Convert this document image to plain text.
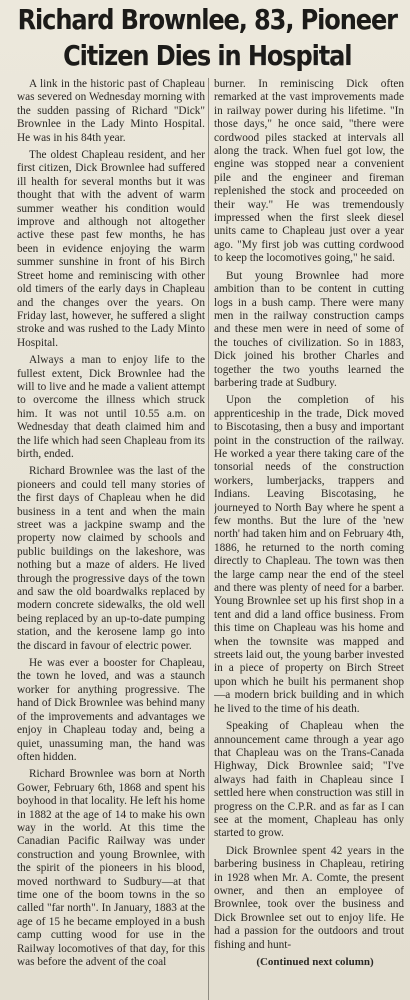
Richard Brownlee, 83, Pioneer Citizen Dies in Hospital

A link in the historic past of Chapleau was severed on Wednesday morning with the sudden passing of Richard "Dick" Brownlee in the Lady Minto Hospital. He was in his 84th year.

The oldest Chapleau resident, and her first citizen, Dick Brownlee had suffered ill health for several months but it was thought that with the advent of warm summer weather his condition would improve and although not altogether active these past few months, he has been in evidence enjoying the warm summer sunshine in front of his Birch Street home and reminiscing with other old timers of the early days in Chapleau and the changes over the years. On Friday last, however, he suffered a slight stroke and was rushed to the Lady Minto Hospital.

Always a man to enjoy life to the fullest extent, Dick Brownlee had the will to live and he made a valient attempt to overcome the illness which struck him. It was not until 10.55 a.m. on Wednesday that death claimed him and the life which had seen Chapleau from its birth, ended.

Richard Brownlee was the last of the pioneers and could tell many stories of the first days of Chapleau when he did business in a tent and when the main street was a jackpine swamp and the property now claimed by schools and public buildings on the lakeshore, was nothing but a maze of alders. He lived through the progressive days of the town and saw the old boardwalks replaced by modern concrete sidewalks, the old well being replaced by an up-to-date pumping station, and the kerosene lamp go into the discard in favour of electric power.

He was ever a booster for Chapleau, the town he loved, and was a staunch worker for anything progressive. The hand of Dick Brownlee was behind many of the improvements and advantages we enjoy in Chapleau today and, being a quiet, unassuming man, the hand was often hidden.

Richard Brownlee was born at North Gower, February 6th, 1868 and spent his boyhood in that locality. He left his home in 1882 at the age of 14 to make his own way in the world. At this time the Canadian Pacific Railway was under construction and young Brownlee, with the spirit of the pioneers in his blood, moved northward to Sudbury—at that time one of the boom towns in the so called "far north". In January, 1883 at the age of 15 he became employed in a bush camp cutting wood for use in the Railway locomotives of that day, for this was before the advent of the coal

burner. In reminiscing Dick often remarked at the vast improvements made in railway power during his lifetime. "In those days," he once said, "there were cordwood piles stacked at intervals all along the track. When fuel got low, the engine was stopped near a convenient pile and the engineer and fireman replenished the stock and proceeded on their way." He was tremendously impressed when the first sleek diesel units came to Chapleau just over a year ago. "My first job was cutting cordwood to keep the locomotives going," he said.

But young Brownlee had more ambition than to be content in cutting logs in a bush camp. There were many men in the railway construction camps and these men were in need of some of the touches of civilization. So in 1883, Dick joined his brother Charles and together the two youths learned the barbering trade at Sudbury.

Upon the completion of his apprenticeship in the trade, Dick moved to Biscotasing, then a busy and important point in the construction of the railway. He worked a year there taking care of the tonsorial needs of the construction workers, lumberjacks, trappers and Indians. Leaving Biscotasing, he journeyed to North Bay where he spent a few months. But the lure of the 'new north' had taken him and on February 4th, 1886, he returned to the north coming directly to Chapleau. The town was then the large camp near the end of the steel and there was plenty of need for a barber. Young Brownlee set up his first shop in a tent and did a land office business. From this time on Chapleau was his home and when the townsite was mapped and streets laid out, the young barber invested in a piece of property on Birch Street upon which he built his permanent shop—a modern brick building and in which he lived to the time of his death.

Speaking of Chapleau when the announcement came through a year ago that Chapleau was on the Trans-Canada Highway, Dick Brownlee said; "I've always had faith in Chapleau since I settled here when construction was still in progress on the C.P.R. and as far as I can see at the moment, Chapleau has only started to grow.

Dick Brownlee spent 42 years in the barbering business in Chapleau, retiring in 1928 when Mr. A. Comte, the present owner, and then an employee of Brownlee, took over the business and Dick Brownlee set out to enjoy life. He had a passion for the outdoors and trout fishing and hunt-

(Continued next column)
